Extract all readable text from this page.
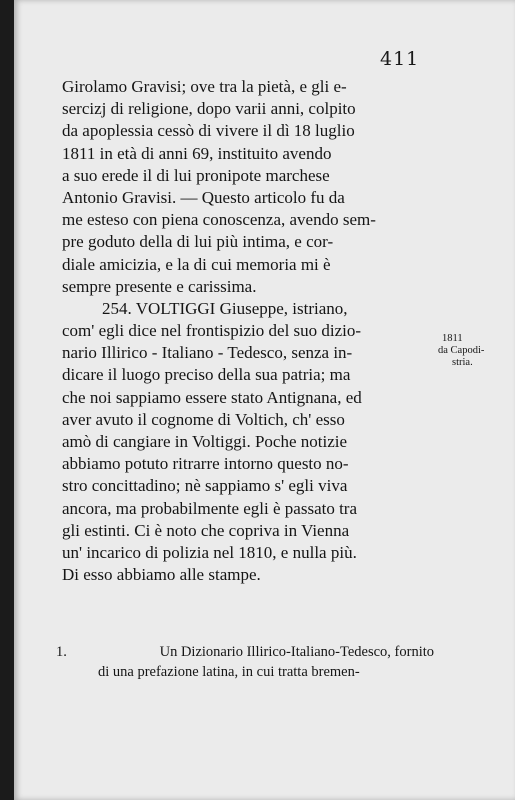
411
Girolamo Gravisi; ove tra la pietà, e gli e-
sercizj di religione, dopo varii anni, colpito
da apoplessia cessò di vivere il dì 18 luglio
1811 in età di anni 69, instituito avendo
a suo erede il di lui pronipote marchese
Antonio Gravisi. — Questo articolo fu da
me esteso con piena conoscenza, avendo sem-
pre goduto della di lui più intima, e cor-
diale amicizia, e la di cui memoria mi è
sempre presente e carissima.
254. VOLTIGGI Giuseppe, istriano,
com' egli dice nel frontispizio del suo dizio-
nario Illirico - Italiano - Tedesco, senza in-
dicare il luogo preciso della sua patria; ma
che noi sappiamo essere stato Antignana, ed
aver avuto il cognome di Voltich, ch' esso
amò di cangiare in Voltiggi. Poche notizie
abbiamo potuto ritrarre intorno questo no-
stro concittadino; nè sappiamo s' egli viva
ancora, ma probabilmente egli è passato tra
gli estinti. Ci è noto che copriva in Vienna
un' incarico di polizia nel 1810, e nulla più.
Di esso abbiamo alle stampe.
1811
da Capodi-
stria.
1.	Un Dizionario Illirico-Italiano-Tedesco, fornito
di una prefazione latina, in cui tratta bremen-
